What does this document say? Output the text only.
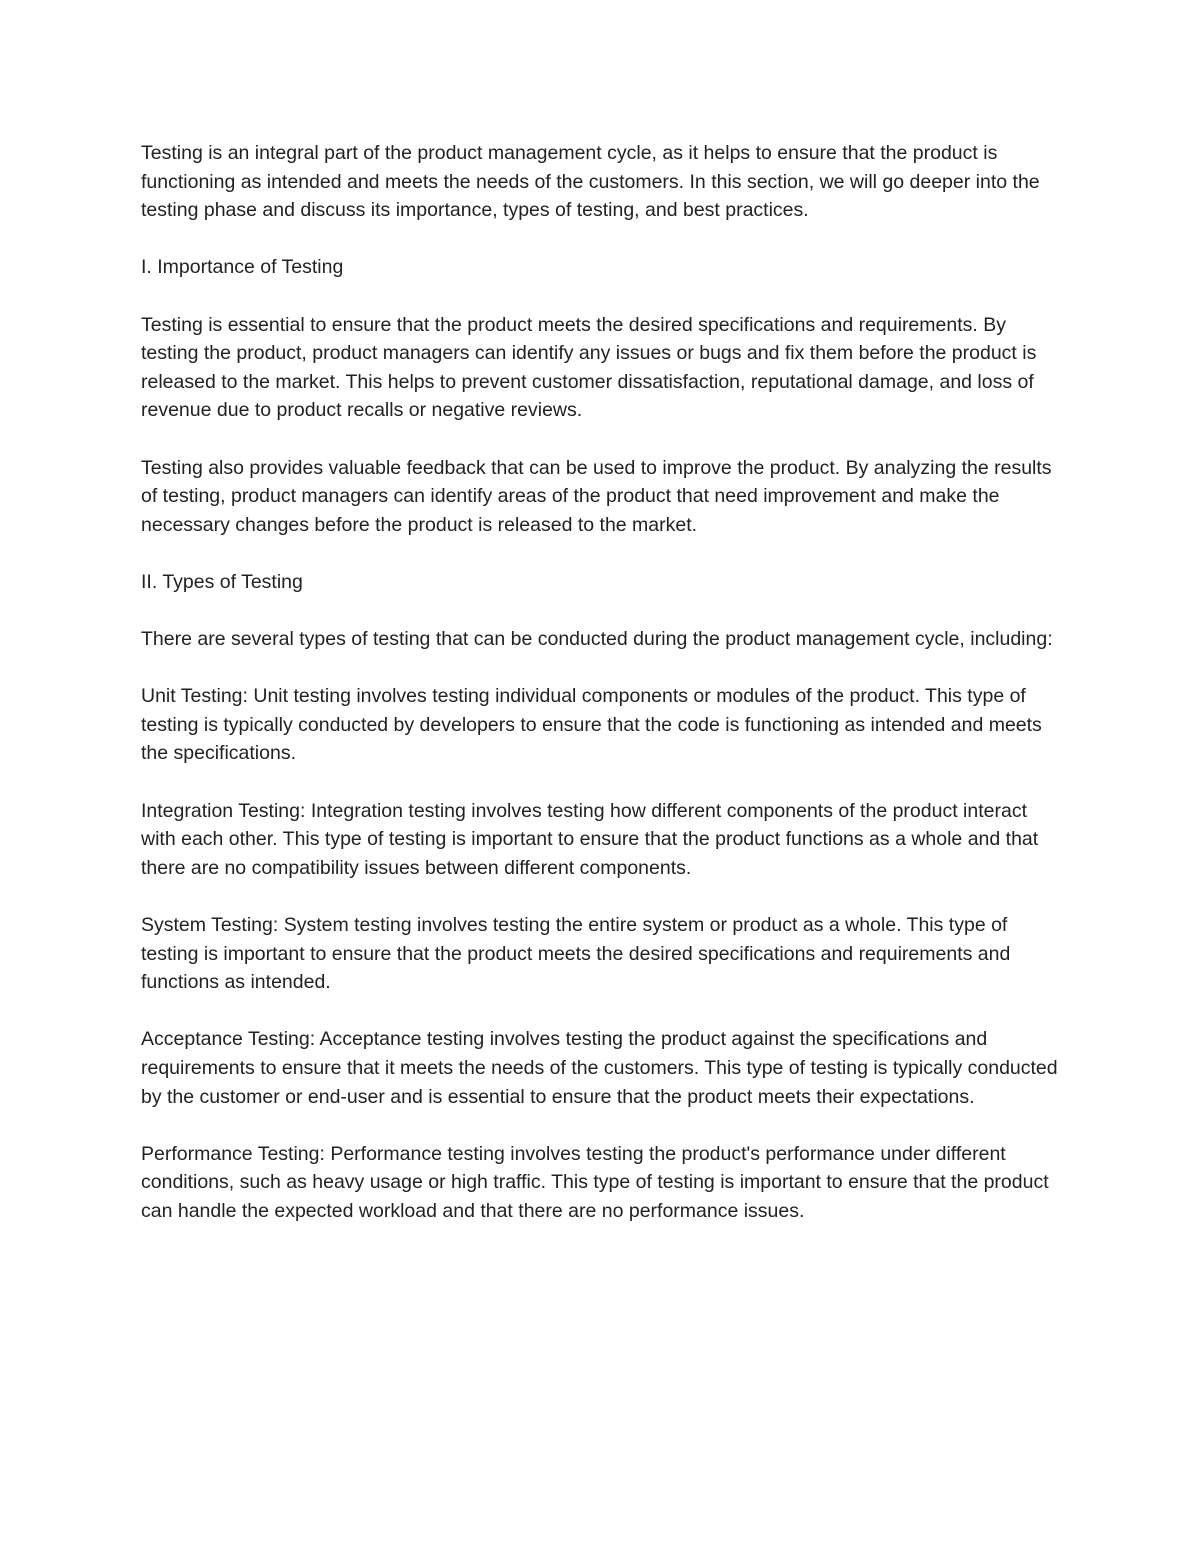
Testing is an integral part of the product management cycle, as it helps to ensure that the product is functioning as intended and meets the needs of the customers. In this section, we will go deeper into the testing phase and discuss its importance, types of testing, and best practices.

I. Importance of Testing

Testing is essential to ensure that the product meets the desired specifications and requirements. By testing the product, product managers can identify any issues or bugs and fix them before the product is released to the market. This helps to prevent customer dissatisfaction, reputational damage, and loss of revenue due to product recalls or negative reviews.

Testing also provides valuable feedback that can be used to improve the product. By analyzing the results of testing, product managers can identify areas of the product that need improvement and make the necessary changes before the product is released to the market.

II. Types of Testing

There are several types of testing that can be conducted during the product management cycle, including:

Unit Testing: Unit testing involves testing individual components or modules of the product. This type of testing is typically conducted by developers to ensure that the code is functioning as intended and meets the specifications.

Integration Testing: Integration testing involves testing how different components of the product interact with each other. This type of testing is important to ensure that the product functions as a whole and that there are no compatibility issues between different components.

System Testing: System testing involves testing the entire system or product as a whole. This type of testing is important to ensure that the product meets the desired specifications and requirements and functions as intended.

Acceptance Testing: Acceptance testing involves testing the product against the specifications and requirements to ensure that it meets the needs of the customers. This type of testing is typically conducted by the customer or end-user and is essential to ensure that the product meets their expectations.

Performance Testing: Performance testing involves testing the product's performance under different conditions, such as heavy usage or high traffic. This type of testing is important to ensure that the product can handle the expected workload and that there are no performance issues.
